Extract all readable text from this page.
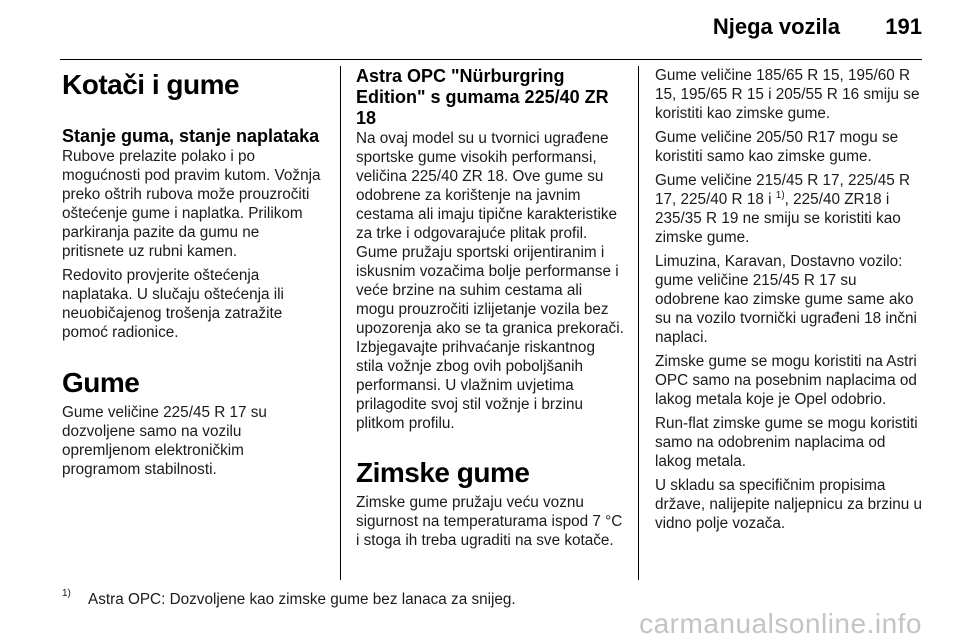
Njega vozila 191
Kotači i gume
Stanje guma, stanje naplataka

Rubove prelazite polako i po mogućnosti pod pravim kutom. Vožnja preko oštrih rubova može prouzročiti oštećenje gume i naplatka. Prilikom parkiranja pazite da gumu ne pritisnete uz rubni kamen.

Redovito provjerite oštećenja naplataka. U slučaju oštećenja ili neuobičajenog trošenja zatražite pomoć radionice.

Gume

Gume veličine 225/45 R 17 su dozvoljene samo na vozilu opremljenom elektroničkim programom stabilnosti.

Astra OPC "Nürburgring Edition" s gumama 225/40 ZR 18

Na ovaj model su u tvornici ugrađene sportske gume visokih performansi, veličina 225/40 ZR 18. Ove gume su odobrene za korištenje na javnim cestama ali imaju tipične karakteristike za trke i odgovarajuće plitak profil. Gume pružaju sportski orijentiranim i iskusnim vozačima bolje performanse i veće brzine na suhim cestama ali mogu prouzročiti izlijetanje vozila bez upozorenja ako se ta granica prekorači. Izbjegavajte prihvaćanje riskantnog stila vožnje zbog ovih poboljšanih performansi. U vlažnim uvjetima prilagodite svoj stil vožnje i brzinu plitkom profilu.

Zimske gume

Zimske gume pružaju veću voznu sigurnost na temperaturama ispod 7 °C i stoga ih treba ugraditi na sve kotače.

Gume veličine 185/65 R 15, 195/60 R 15, 195/65 R 15 i 205/55 R 16 smiju se koristiti kao zimske gume.

Gume veličine 205/50 R17 mogu se koristiti samo kao zimske gume.

Gume veličine 215/45 R 17, 225/45 R 17, 225/40 R 18 i $^{1)}$, 225/40 ZR18 i 235/35 R 19 ne smiju se koristiti kao zimske gume.

Limuzina, Karavan, Dostavno vozilo: gume veličine 215/45 R 17 su odobrene kao zimske gume same ako su na vozilo tvornički ugrađeni 18 inčni naplaci.

Zimske gume se mogu koristiti na Astri OPC samo na posebnim naplacima od lakog metala koje je Opel odobrio.

Run-flat zimske gume se mogu koristiti samo na odobrenim naplacima od lakog metala.

U skladu sa specifičnim propisima države, nalijepite naljepnicu za brzinu u vidno polje vozača.

1) Astra OPC: Dozvoljene kao zimske gume bez lanaca za snijeg.
carmanualsonline.info
